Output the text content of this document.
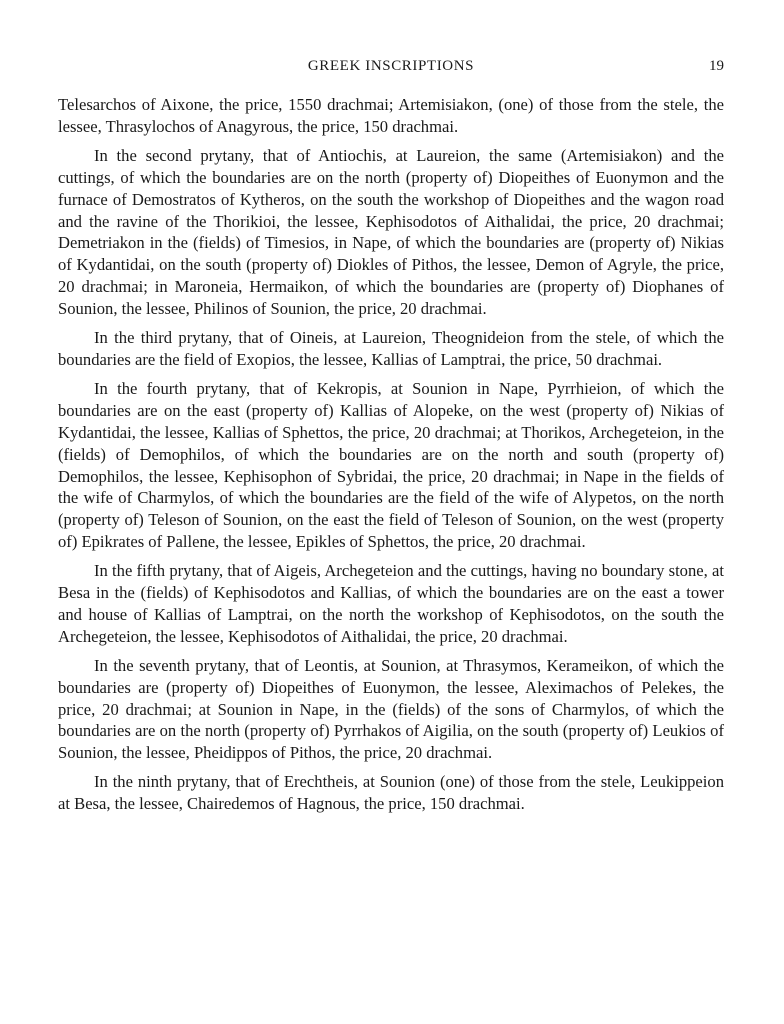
GREEK INSCRIPTIONS	19

Telesarchos of Aixone, the price, 1550 drachmai; Artemisiakon, (one) of those from the stele, the lessee, Thrasylochos of Anagyrous, the price, 150 drachmai.

In the second prytany, that of Antiochis, at Laureion, the same (Artemisiakon) and the cuttings, of which the boundaries are on the north (property of) Diopeithes of Euonymon and the furnace of Demostratos of Kytheros, on the south the workshop of Diopeithes and the wagon road and the ravine of the Thorikioi, the lessee, Kephisodotos of Aithalidai, the price, 20 drachmai; Demetriakon in the (fields) of Timesios, in Nape, of which the boundaries are (property of) Nikias of Kydantidai, on the south (property of) Diokles of Pithos, the lessee, Demon of Agryle, the price, 20 drachmai; in Maroneia, Hermaikon, of which the boundaries are (property of) Diophanes of Sounion, the lessee, Philinos of Sounion, the price, 20 drachmai.

In the third prytany, that of Oineis, at Laureion, Theognideion from the stele, of which the boundaries are the field of Exopios, the lessee, Kallias of Lamptrai, the price, 50 drachmai.

In the fourth prytany, that of Kekropis, at Sounion in Nape, Pyrrhieion, of which the boundaries are on the east (property of) Kallias of Alopeke, on the west (property of) Nikias of Kydantidai, the lessee, Kallias of Sphettos, the price, 20 drachmai; at Thorikos, Archegeteion, in the (fields) of Demophilos, of which the boundaries are on the north and south (property of) Demophilos, the lessee, Kephisophon of Sybridai, the price, 20 drachmai; in Nape in the fields of the wife of Charmylos, of which the boundaries are the field of the wife of Alypetos, on the north (property of) Teleson of Sounion, on the east the field of Teleson of Sounion, on the west (property of) Epikrates of Pallene, the lessee, Epikles of Sphettos, the price, 20 drachmai.

In the fifth prytany, that of Aigeis, Archegeteion and the cuttings, having no boundary stone, at Besa in the (fields) of Kephisodotos and Kallias, of which the boundaries are on the east a tower and house of Kallias of Lamptrai, on the north the workshop of Kephisodotos, on the south the Archegeteion, the lessee, Kephisodotos of Aithalidai, the price, 20 drachmai.

In the seventh prytany, that of Leontis, at Sounion, at Thrasymos, Kerameikon, of which the boundaries are (property of) Diopeithes of Euonymon, the lessee, Aleximachos of Pelekes, the price, 20 drachmai; at Sounion in Nape, in the (fields) of the sons of Charmylos, of which the boundaries are on the north (property of) Pyrrhakos of Aigilia, on the south (property of) Leukios of Sounion, the lessee, Pheidippos of Pithos, the price, 20 drachmai.

In the ninth prytany, that of Erechtheis, at Sounion (one) of those from the stele, Leukippeion at Besa, the lessee, Chairedemos of Hagnous, the price, 150 drachmai.
